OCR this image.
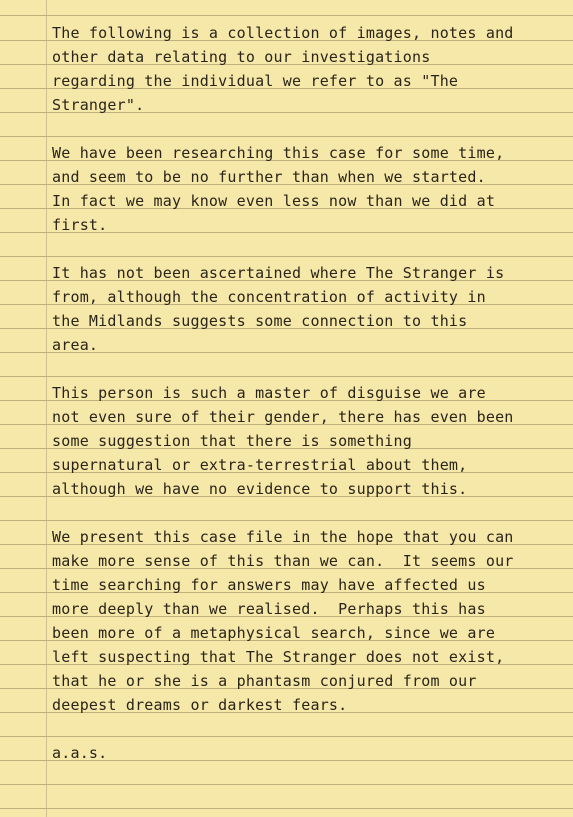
The following is a collection of images, notes and
other data relating to our investigations
regarding the individual we refer to as "The
Stranger".
We have been researching this case for some time,
and seem to be no further than when we started.
In fact we may know even less now than we did at
first.
It has not been ascertained where The Stranger is
from, although the concentration of activity in
the Midlands suggests some connection to this
area.
This person is such a master of disguise we are
not even sure of their gender, there has even been
some suggestion that there is something
supernatural or extra-terrestrial about them,
although we have no evidence to support this.
We present this case file in the hope that you can
make more sense of this than we can.  It seems our
time searching for answers may have affected us
more deeply than we realised.  Perhaps this has
been more of a metaphysical search, since we are
left suspecting that The Stranger does not exist,
that he or she is a phantasm conjured from our
deepest dreams or darkest fears.
a.a.s.
